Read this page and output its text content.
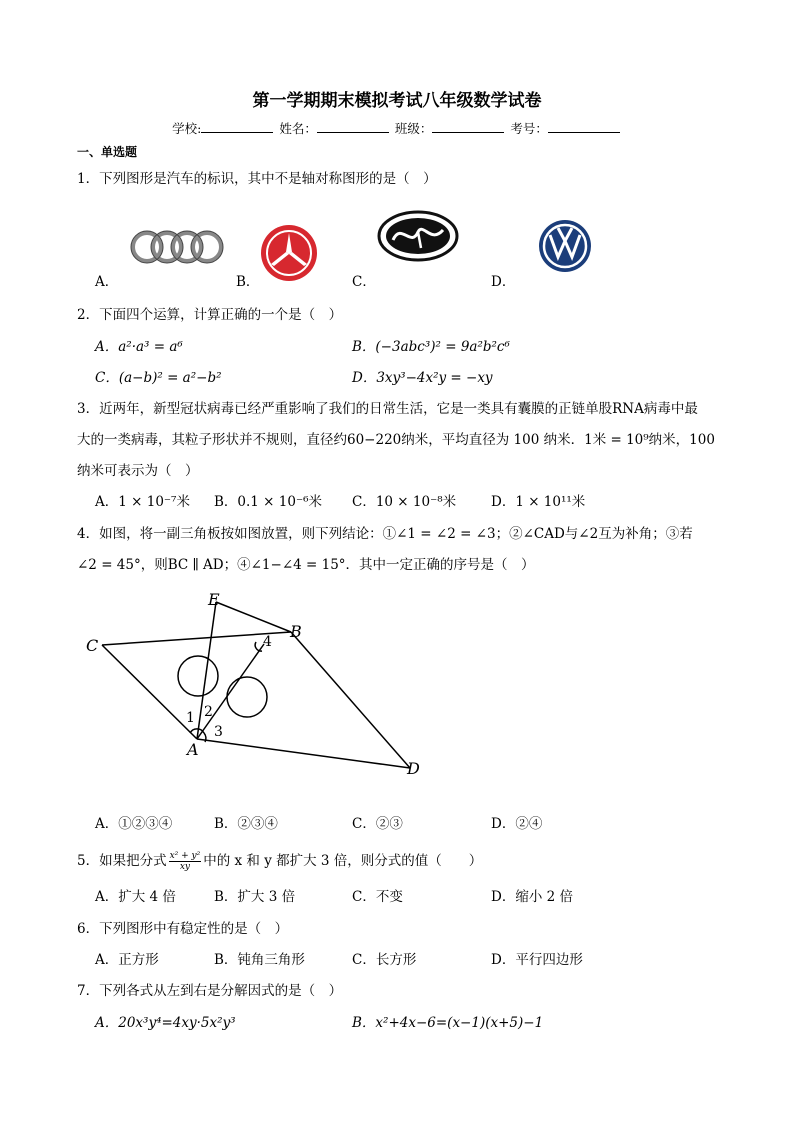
第一学期期末模拟考试八年级数学试卷
学校:	姓名：	班级：	考号：
一、单选题
1．下列图形是汽车的标识，其中不是轴对称图形的是（　）
A．	B．	C．	D．
2．下面四个运算，计算正确的一个是（　）
A．a²·a³ = a⁶	B．(−3abc³)² = 9a²b²c⁶
C．(a−b)² = a²−b²	D．3xy³−4x²y = −xy
3．近两年，新型冠状病毒已经严重影响了我们的日常生活，它是一类具有囊膜的正链单股RNA病毒中最
大的一类病毒，其粒子形状并不规则，直径约60−220纳米，平均直径为 100 纳米．1米 = 10⁹纳米，100
纳米可表示为（　）
A．1 × 10⁻⁷米 B．0.1 × 10⁻⁶米 C．10 × 10⁻⁸米	D．1 × 10¹¹米
4．如图，将一副三角板按如图放置，则下列结论：①∠1 = ∠2 = ∠3；②∠CAD与∠2互为补角；③若
∠2 = 45°，则BC ∥ AD；④∠1−∠4 = 15°．其中一定正确的序号是（　）
E
B
C
A
D
1 2
3
4
A．①②③④	B．②③④	C．②③	D．②④
5．如果把分式 $\frac{\text{x² + y²}}{xy}$ 中的 x 和 y 都扩大 3 倍，则分式的值（　　）
A．扩大 4 倍	B．扩大 3 倍	C．不变	D．缩小 2 倍
6．下列图形中有稳定性的是（　）
A．正方形	B．钝角三角形	C．长方形	D．平行四边形
7．下列各式从左到右是分解因式的是（　）
A．20x³y⁴=4xy·5x²y³	B．x²+4x−6=(x−1)(x+5)−1
